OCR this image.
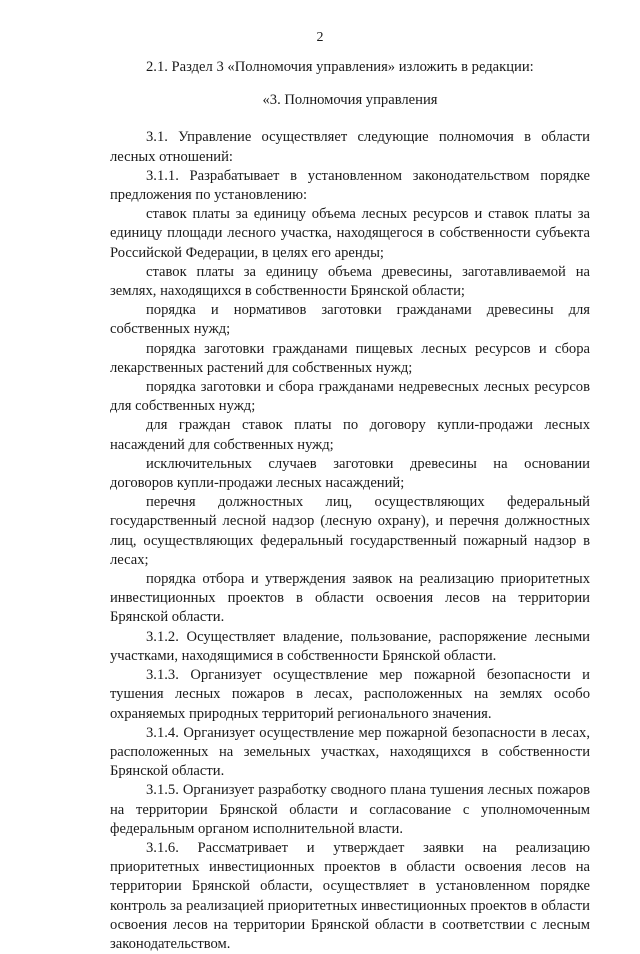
2

2.1. Раздел 3 «Полномочия управления» изложить в редакции:

«3. Полномочия управления

3.1. Управление осуществляет следующие полномочия в области лесных отношений:

3.1.1. Разрабатывает в установленном законодательством порядке предложения по установлению:

ставок платы за единицу объема лесных ресурсов и ставок платы за единицу площади лесного участка, находящегося в собственности субъекта Российской Федерации, в целях его аренды;

ставок платы за единицу объема древесины, заготавливаемой на землях, находящихся в собственности Брянской области;

порядка и нормативов заготовки гражданами древесины для собственных нужд;

порядка заготовки гражданами пищевых лесных ресурсов и сбора лекарственных растений для собственных нужд;

порядка заготовки и сбора гражданами недревесных лесных ресурсов для собственных нужд;

для граждан ставок платы по договору купли-продажи лесных насаждений для собственных нужд;

исключительных случаев заготовки древесины на основании договоров купли-продажи лесных насаждений;

перечня должностных лиц, осуществляющих федеральный государственный лесной надзор (лесную охрану), и перечня должностных лиц, осуществляющих федеральный государственный пожарный надзор в лесах;

порядка отбора и утверждения заявок на реализацию приоритетных инвестиционных проектов в области освоения лесов на территории Брянской области.

3.1.2. Осуществляет владение, пользование, распоряжение лесными участками, находящимися в собственности Брянской области.

3.1.3. Организует осуществление мер пожарной безопасности и тушения лесных пожаров в лесах, расположенных на землях особо охраняемых природных территорий регионального значения.

3.1.4. Организует осуществление мер пожарной безопасности в лесах, расположенных на земельных участках, находящихся в собственности Брянской области.

3.1.5. Организует разработку сводного плана тушения лесных пожаров на территории Брянской области и согласование с уполномоченным федеральным органом исполнительной власти.

3.1.6. Рассматривает и утверждает заявки на реализацию приоритетных инвестиционных проектов в области освоения лесов на территории Брянской области, осуществляет в установленном порядке контроль за реализацией приоритетных инвестиционных проектов в области освоения лесов на территории Брянской области в соответствии с лесным законодательством.
